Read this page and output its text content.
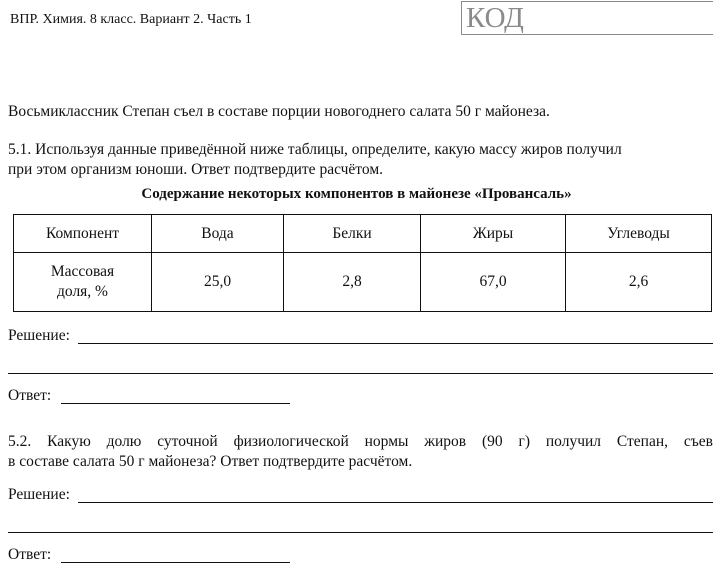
ВПР. Химия. 8 класс. Вариант 2. Часть 1	КОД
Восьмиклассник Степан съел в составе порции новогоднего салата 50 г майонеза.
5.1. Используя данные приведённой ниже таблицы, определите, какую массу жиров получил
при этом организм юноши. Ответ подтвердите расчётом.
Содержание некоторых компонентов в майонезе «Провансаль»
Компонент	Вода	Белки	Жиры	Углеводы

Массовая
доля, %	25,0	2,8	67,0	2,6
Решение:
Ответ:
5.2. Какую долю суточной физиологической нормы жиров (90 г) получил Степан, съев
в составе салата 50 г майонеза? Ответ подтвердите расчётом.
Решение:
Ответ:
